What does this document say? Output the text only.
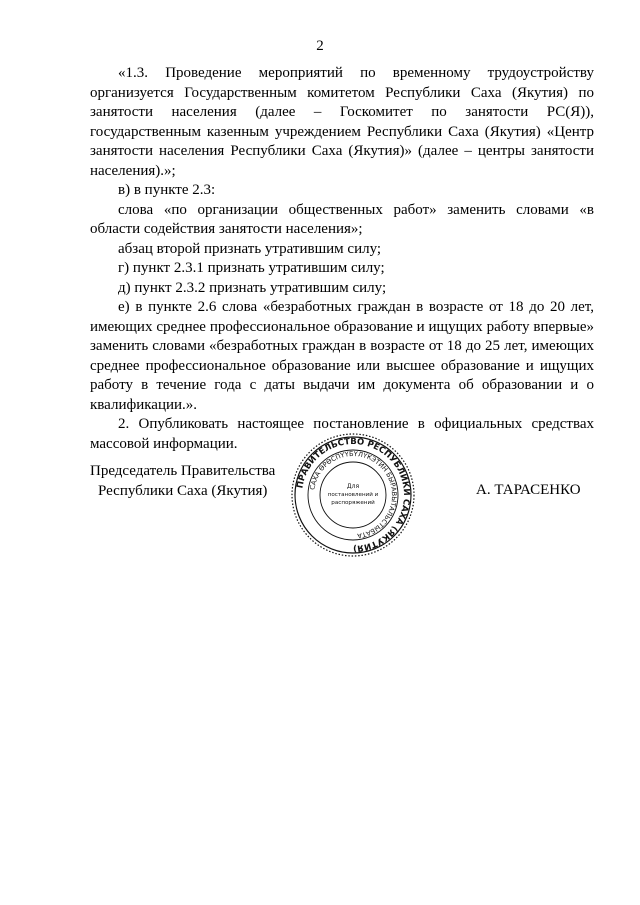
2

«1.3. Проведение мероприятий по временному трудоустройству организуется Государственным комитетом Республики Саха (Якутия) по занятости населения (далее – Госкомитет по занятости РС(Я)), государственным казенным учреждением Республики Саха (Якутия) «Центр занятости населения Республики Саха (Якутия)» (далее – центры занятости населения).»;

в) в пункте 2.3:

слова «по организации общественных работ» заменить словами «в области содействия занятости населения»;

абзац второй признать утратившим силу;

г) пункт 2.3.1 признать утратившим силу;

д) пункт 2.3.2 признать утратившим силу;

е) в пункте 2.6 слова «безработных граждан в возрасте от 18 до 20 лет, имеющих среднее профессиональное образование и ищущих работу впервые» заменить словами «безработных граждан в возрасте от 18 до 25 лет, имеющих среднее профессиональное образование или высшее образование и ищущих работу в течение года с даты выдачи им документа об образовании и о квалификации.».

2. Опубликовать настоящее постановление в официальных средствах массовой информации.

Председатель Правительства
Республики Саха (Якутия)	ПРАВИТЕЛЬСТВО РЕСПУБЛИКИ САХА (ЯКУТИЯ)
САХА ӨРӨСПҮҮБҮЛҮКЭТИН БЫРАВЫТАЛЬСТЫБАТА
Для
постановлений и
распоряжений
А. ТАРАСЕНКО
